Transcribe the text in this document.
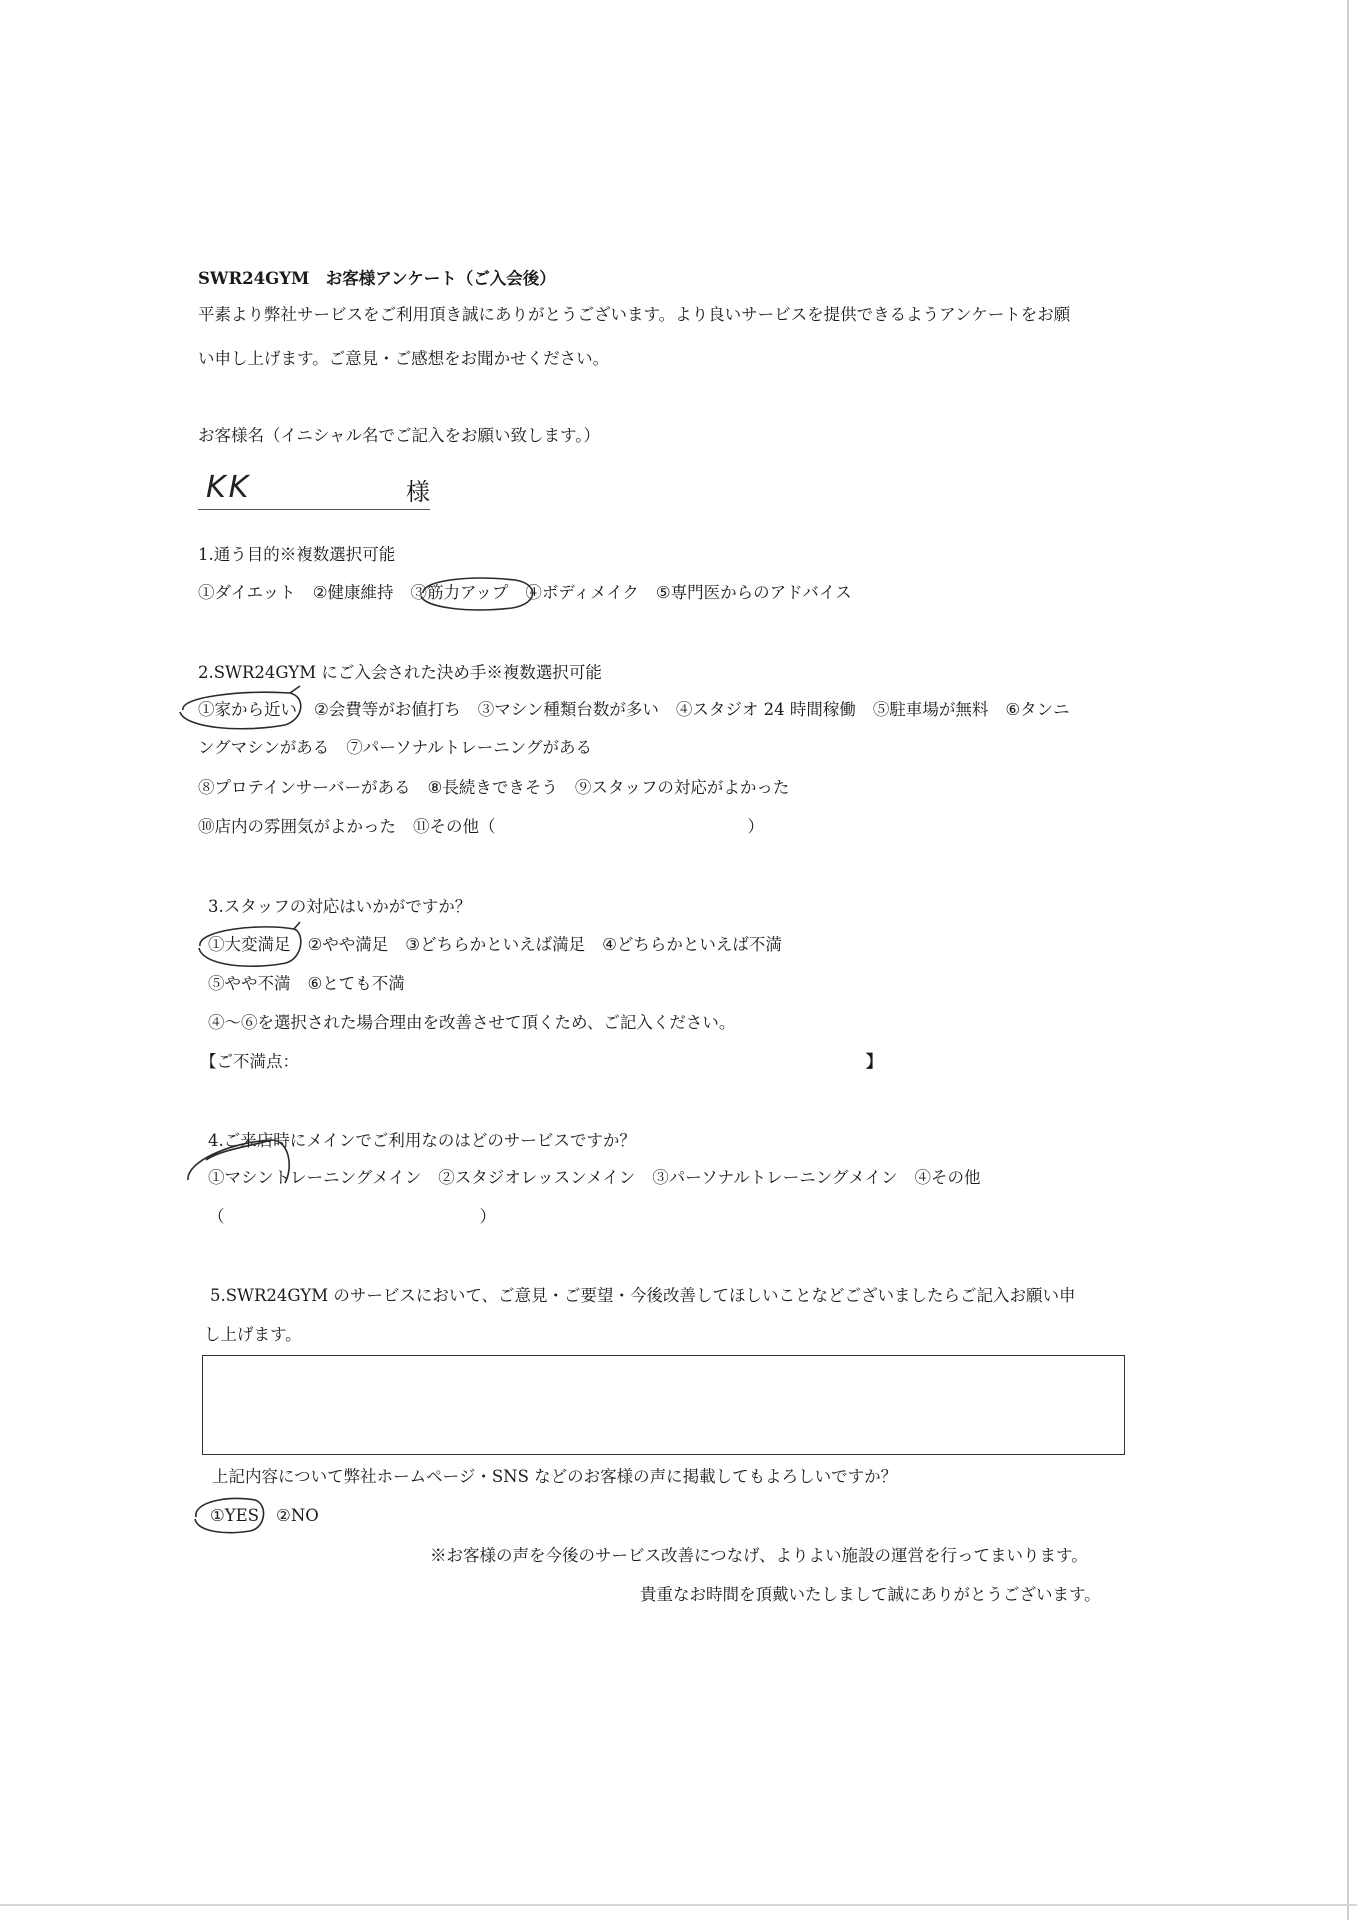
SWR24GYM　お客様アンケート（ご入会後）
平素より弊社サービスをご利用頂き誠にありがとうございます。より良いサービスを提供できるようアンケートをお願
い申し上げます。ご意見・ご感想をお聞かせください。
お客様名（イニシャル名でご記入をお願い致します。）
KK	様
1.通う目的※複数選択可能
①ダイエット ②健康維持 ③筋力アップ ④ボディメイク ⑤専門医からのアドバイス
2.SWR24GYM にご入会された決め手※複数選択可能
①家から近い ②会費等がお値打ち ③マシン種類台数が多い ④スタジオ 24 時間稼働 ⑤駐車場が無料 ⑥タンニ
ングマシンがある ⑦パーソナルトレーニングがある
⑧プロテインサーバーがある ⑧長続きできそう ⑨スタッフの対応がよかった
⑩店内の雰囲気がよかった ⑪その他（	）
3.スタッフの対応はいかがですか？
①大変満足 ②やや満足 ③どちらかといえば満足 ④どちらかといえば不満
⑤やや不満 ⑥とても不満
④～⑥を選択された場合理由を改善させて頂くため、ご記入ください。
【ご不満点：	】
4.ご来店時にメインでご利用なのはどのサービスですか？
①マシントレーニングメイン ②スタジオレッスンメイン ③パーソナルトレーニングメイン ④その他
（	）
5.SWR24GYM のサービスにおいて、ご意見・ご要望・今後改善してほしいことなどございましたらご記入お願い申
し上げます。
上記内容について弊社ホームページ・SNS などのお客様の声に掲載してもよろしいですか？
①YES ②NO
※お客様の声を今後のサービス改善につなげ、よりよい施設の運営を行ってまいります。
貴重なお時間を頂戴いたしまして誠にありがとうございます。
